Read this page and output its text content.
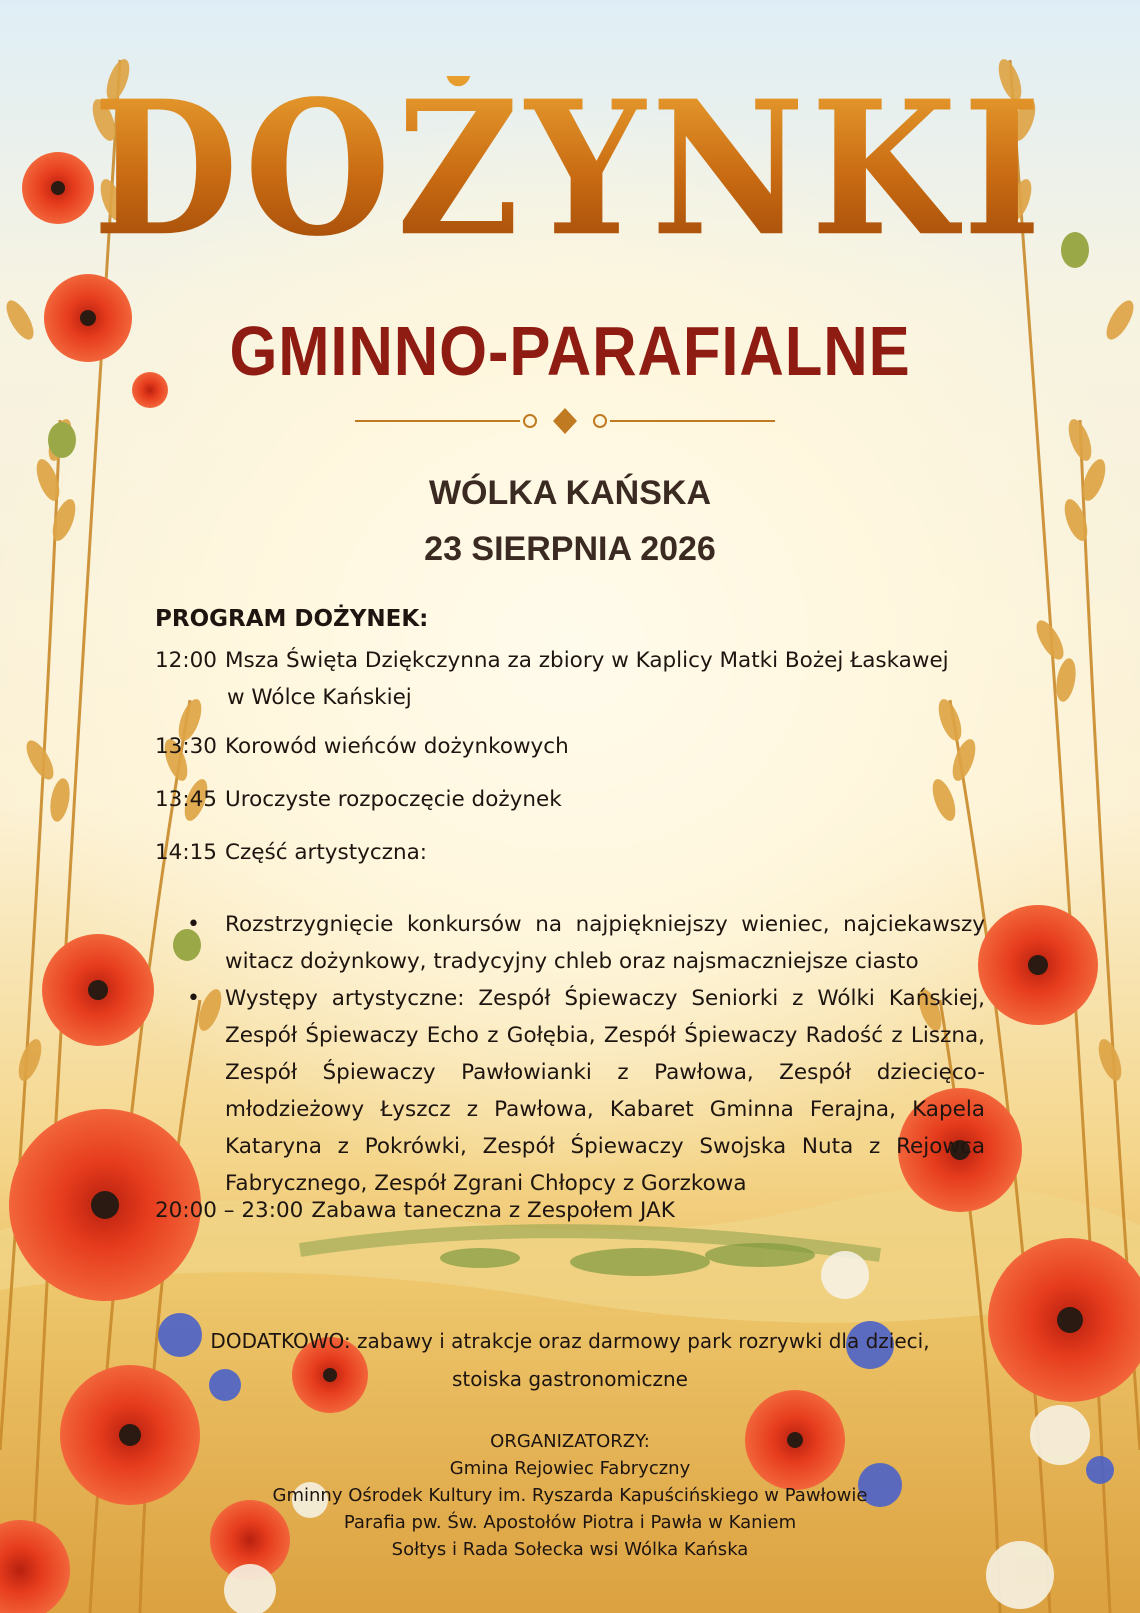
DOŻYNKI
GMINNO-PARAFIALNE
WÓLKA KAŃSKA
23 SIERPNIA 2026
PROGRAM DOŻYNEK:
12:00 Msza Święta Dziękczynna za zbiory w Kaplicy Matki Bożej Łaskawej
w Wólce Kańskiej
13:30 Korowód wieńców dożynkowych
13:45 Uroczyste rozpoczęcie dożynek
14:15 Część artystyczna:
• Rozstrzygnięcie konkursów na najpiękniejszy wieniec, najciekawszy witacz dożynkowy, tradycyjny chleb oraz najsmaczniejsze ciasto
• Występy artystyczne: Zespół Śpiewaczy Seniorki z Wólki Kańskiej, Zespół Śpiewaczy Echo z Gołębia, Zespół Śpiewaczy Radość z Liszna, Zespół Śpiewaczy Pawłowianki z Pawłowa, Zespół dziecięco-młodzieżowy Łyszcz z Pawłowa, Kabaret Gminna Ferajna, Kapela Kataryna z Pokrówki, Zespół Śpiewaczy Swojska Nuta z Rejowca Fabrycznego, Zespół Zgrani Chłopcy z Gorzkowa
20:00 – 23:00 Zabawa taneczna z Zespołem JAK
DODATKOWO: zabawy i atrakcje oraz darmowy park rozrywki dla dzieci,
stoiska gastronomiczne
ORGANIZATORZY:
Gmina Rejowiec Fabryczny
Gminny Ośrodek Kultury im. Ryszarda Kapuścińskiego w Pawłowie
Parafia pw. Św. Apostołów Piotra i Pawła w Kaniem
Sołtys i Rada Sołecka wsi Wólka Kańska
